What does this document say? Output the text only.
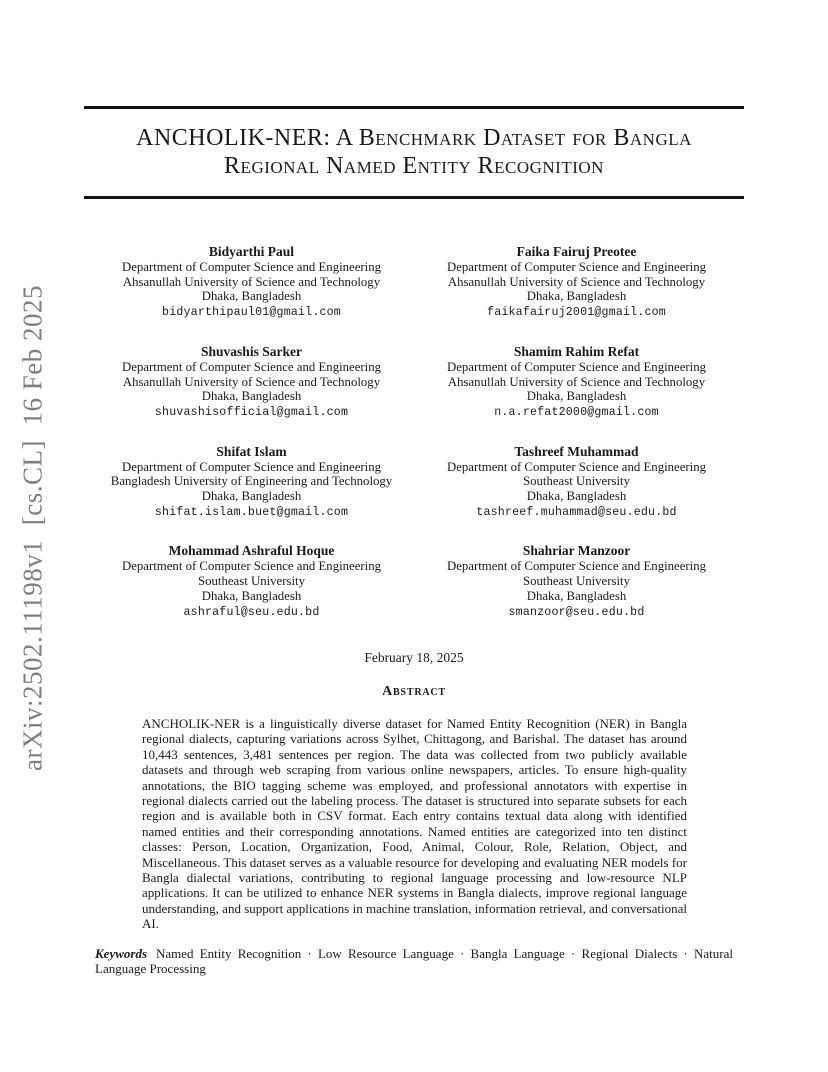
arXiv:2502.11198v1  [cs.CL]  16 Feb 2025
ANCHOLIK-NER: A Benchmark Dataset for Bangla
Regional Named Entity Recognition
Bidyarthi Paul
Department of Computer Science and Engineering
Ahsanullah University of Science and Technology
Dhaka, Bangladesh
bidyarthipaul01@gmail.com
Faika Fairuj Preotee
Department of Computer Science and Engineering
Ahsanullah University of Science and Technology
Dhaka, Bangladesh
faikafairuj2001@gmail.com
Shuvashis Sarker
Department of Computer Science and Engineering
Ahsanullah University of Science and Technology
Dhaka, Bangladesh
shuvashisofficial@gmail.com
Shamim Rahim Refat
Department of Computer Science and Engineering
Ahsanullah University of Science and Technology
Dhaka, Bangladesh
n.a.refat2000@gmail.com
Shifat Islam
Department of Computer Science and Engineering
Bangladesh University of Engineering and Technology
Dhaka, Bangladesh
shifat.islam.buet@gmail.com
Tashreef Muhammad
Department of Computer Science and Engineering
Southeast University
Dhaka, Bangladesh
tashreef.muhammad@seu.edu.bd
Mohammad Ashraful Hoque
Department of Computer Science and Engineering
Southeast University
Dhaka, Bangladesh
ashraful@seu.edu.bd
Shahriar Manzoor
Department of Computer Science and Engineering
Southeast University
Dhaka, Bangladesh
smanzoor@seu.edu.bd
February 18, 2025
Abstract
ANCHOLIK-NER is a linguistically diverse dataset for Named Entity Recognition (NER) in Bangla regional dialects, capturing variations across Sylhet, Chittagong, and Barishal. The dataset has around 10,443 sentences, 3,481 sentences per region. The data was collected from two publicly available datasets and through web scraping from various online newspapers, articles. To ensure high-quality annotations, the BIO tagging scheme was employed, and professional annotators with expertise in regional dialects carried out the labeling process. The dataset is structured into separate subsets for each region and is available both in CSV format. Each entry contains textual data along with identified named entities and their corresponding annotations. Named entities are categorized into ten distinct classes: Person, Location, Organization, Food, Animal, Colour, Role, Relation, Object, and Miscellaneous. This dataset serves as a valuable resource for developing and evaluating NER models for Bangla dialectal variations, contributing to regional language processing and low-resource NLP applications. It can be utilized to enhance NER systems in Bangla dialects, improve regional language understanding, and support applications in machine translation, information retrieval, and conversational AI.
Keywords Named Entity Recognition · Low Resource Language · Bangla Language · Regional Dialects · Natural Language Processing
